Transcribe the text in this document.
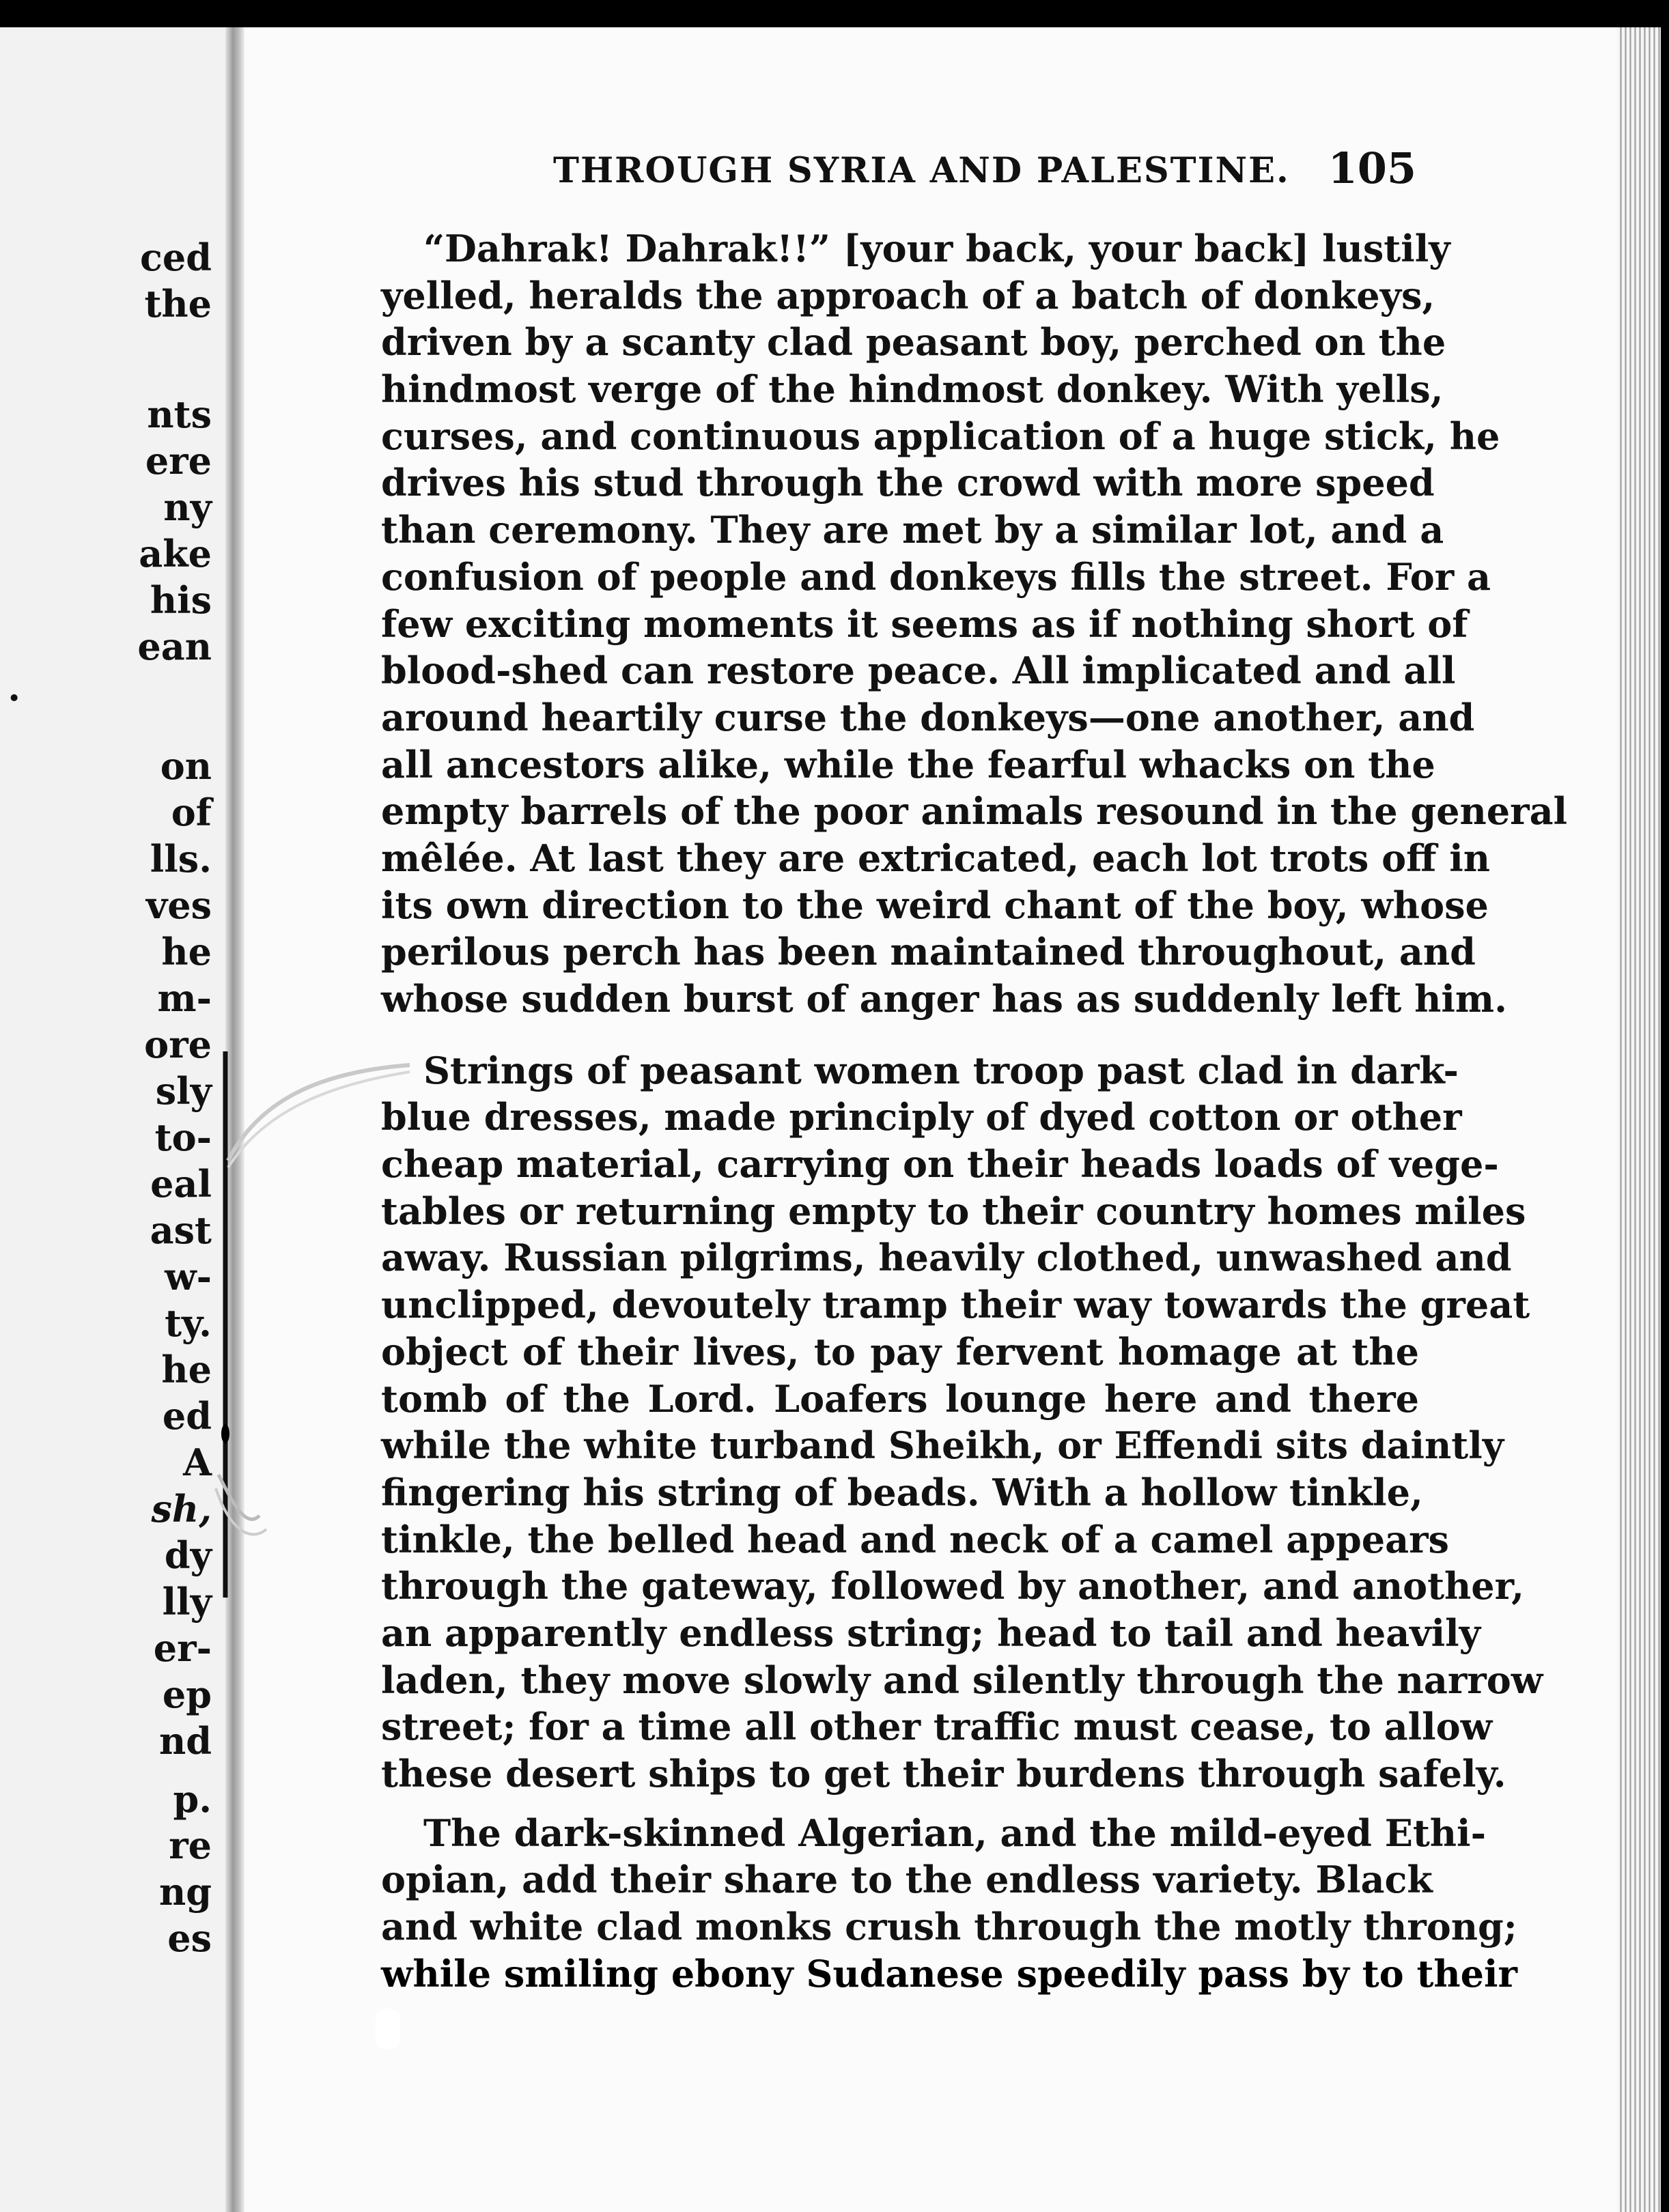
ced

the

nts

ere

ny

ake

his

ean

.

on

of

lls.

ves

he

m-

ore

sly

to-

eal

ast

w-

ty.

he

ed

A

sh,

dy

lly

er-

ep

nd

p.

re

ng

es

THROUGH SYRIA AND PALESTINE. 105

“Dahrak! Dahrak!!” [your back, your back] lustily
yelled, heralds the approach of a batch of donkeys,
driven by a scanty clad peasant boy, perched on the
hindmost verge of the hindmost donkey. With yells,
curses, and continuous application of a huge stick, he
drives his stud through the crowd with more speed
than ceremony. They are met by a similar lot, and a
confusion of people and donkeys fills the street. For a
few exciting moments it seems as if nothing short of
blood-shed can restore peace. All implicated and all
around heartily curse the donkeys—one another, and
all ancestors alike, while the fearful whacks on the
empty barrels of the poor animals resound in the general
mêlée. At last they are extricated, each lot trots off in
its own direction to the weird chant of the boy, whose
perilous perch has been maintained throughout, and
whose sudden burst of anger has as suddenly left him.
Strings of peasant women troop past clad in dark-
blue dresses, made principly of dyed cotton or other
cheap material, carrying on their heads loads of vege-
tables or returning empty to their country homes miles
away. Russian pilgrims, heavily clothed, unwashed and
unclipped, devoutely tramp their way towards the great
object of their lives, to pay fervent homage at the
tomb of the Lord. Loafers lounge here and there
while the white turband Sheikh, or Effendi sits daintly
fingering his string of beads. With a hollow tinkle,
tinkle, the belled head and neck of a camel appears
through the gateway, followed by another, and another,
an apparently endless string; head to tail and heavily
laden, they move slowly and silently through the narrow
street; for a time all other traffic must cease, to allow
these desert ships to get their burdens through safely.
The dark-skinned Algerian, and the mild-eyed Ethi-
opian, add their share to the endless variety. Black
and white clad monks crush through the motly throng;
while smiling ebony Sudanese speedily pass by to their
